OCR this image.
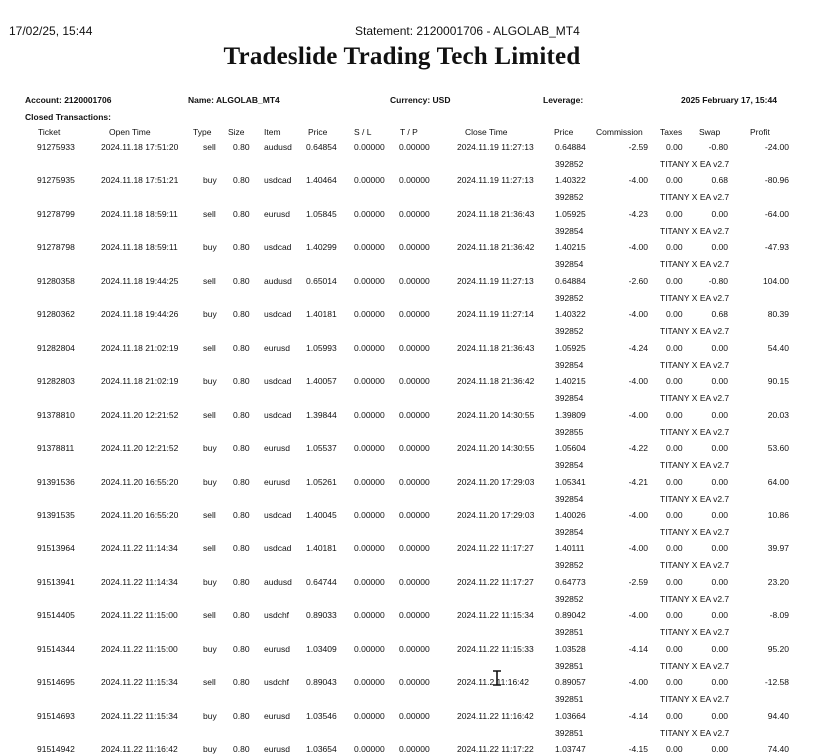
17/02/25, 15:44	Statement: 2120001706 - ALGOLAB_MT4
Tradeslide Trading Tech Limited
Account: 2120001706	Name: ALGOLAB_MT4	Currency: USD	Leverage:	2025 February 17, 15:44
Closed Transactions:
Ticket	Open Time	Type Size Item	Price	S / L	T / P	Close Time	Price	Commission Taxes Swap	Profit
91275933	2024.11.18 17:51:20	sell	0.80	audusd	0.64854	0.00000	0.00000	2024.11.19 11:27:13	0.64884	-2.59 0.00	-0.80	-24.00
392852	TITANY X EA v2.7
91275935	2024.11.18 17:51:21	buy	0.80	usdcad	1.40464	0.00000	0.00000	2024.11.19 11:27:13	1.40322	-4.00 0.00	0.68	-80.96
392852	TITANY X EA v2.7
91278799	2024.11.18 18:59:11	sell	0.80	eurusd	1.05845	0.00000	0.00000	2024.11.18 21:36:43	1.05925	-4.23 0.00	0.00	-64.00
392854	TITANY X EA v2.7
91278798	2024.11.18 18:59:11	buy	0.80	usdcad	1.40299	0.00000	0.00000	2024.11.18 21:36:42	1.40215	-4.00 0.00	0.00	-47.93
392854	TITANY X EA v2.7
91280358	2024.11.18 19:44:25	sell	0.80	audusd	0.65014	0.00000	0.00000	2024.11.19 11:27:13	0.64884	-2.60 0.00	-0.80	104.00
392852	TITANY X EA v2.7
91280362	2024.11.18 19:44:26	buy	0.80	usdcad	1.40181	0.00000	0.00000	2024.11.19 11:27:14	1.40322	-4.00 0.00	0.68	80.39
392852	TITANY X EA v2.7
91282804	2024.11.18 21:02:19	sell	0.80	eurusd	1.05993	0.00000	0.00000	2024.11.18 21:36:43	1.05925	-4.24 0.00	0.00	54.40
392854	TITANY X EA v2.7
91282803	2024.11.18 21:02:19	buy	0.80	usdcad	1.40057	0.00000	0.00000	2024.11.18 21:36:42	1.40215	-4.00 0.00	0.00	90.15
392854	TITANY X EA v2.7
91378810	2024.11.20 12:21:52	sell	0.80	usdcad	1.39844	0.00000	0.00000	2024.11.20 14:30:55	1.39809	-4.00 0.00	0.00	20.03
392855	TITANY X EA v2.7
91378811	2024.11.20 12:21:52	buy	0.80	eurusd	1.05537	0.00000	0.00000	2024.11.20 14:30:55	1.05604	-4.22 0.00	0.00	53.60
392854	TITANY X EA v2.7
91391536	2024.11.20 16:55:20	buy	0.80	eurusd	1.05261	0.00000	0.00000	2024.11.20 17:29:03	1.05341	-4.21 0.00	0.00	64.00
392854	TITANY X EA v2.7
91391535	2024.11.20 16:55:20	sell	0.80	usdcad	1.40045	0.00000	0.00000	2024.11.20 17:29:03	1.40026	-4.00 0.00	0.00	10.86
392854	TITANY X EA v2.7
91513964	2024.11.22 11:14:34	sell	0.80	usdcad	1.40181	0.00000	0.00000	2024.11.22 11:17:27	1.40111	-4.00 0.00	0.00	39.97
392852	TITANY X EA v2.7
91513941	2024.11.22 11:14:34	buy	0.80	audusd	0.64744	0.00000	0.00000	2024.11.22 11:17:27	0.64773	-2.59 0.00	0.00	23.20
392852	TITANY X EA v2.7
91514405	2024.11.22 11:15:00	sell	0.80	usdchf	0.89033	0.00000	0.00000	2024.11.22 11:15:34	0.89042	-4.00 0.00	0.00	-8.09
392851	TITANY X EA v2.7
91514344	2024.11.22 11:15:00	buy	0.80	eurusd	1.03409	0.00000	0.00000	2024.11.22 11:15:33	1.03528	-4.14 0.00	0.00	95.20
392851	TITANY X EA v2.7
91514695	2024.11.22 11:15:34	sell	0.80	usdchf	0.89043	0.00000	0.00000	2024.11.2 11:16:42	0.89057	-4.00 0.00	0.00	-12.58
392851	TITANY X EA v2.7
91514693	2024.11.22 11:15:34	buy	0.80	eurusd	1.03546	0.00000	0.00000	2024.11.22 11:16:42	1.03664	-4.14 0.00	0.00	94.40
392851	TITANY X EA v2.7
91514942	2024.11.22 11:16:42	buy	0.80	eurusd	1.03654	0.00000	0.00000	2024.11.22 11:17:22	1.03747	-4.15 0.00	0.00	74.40
